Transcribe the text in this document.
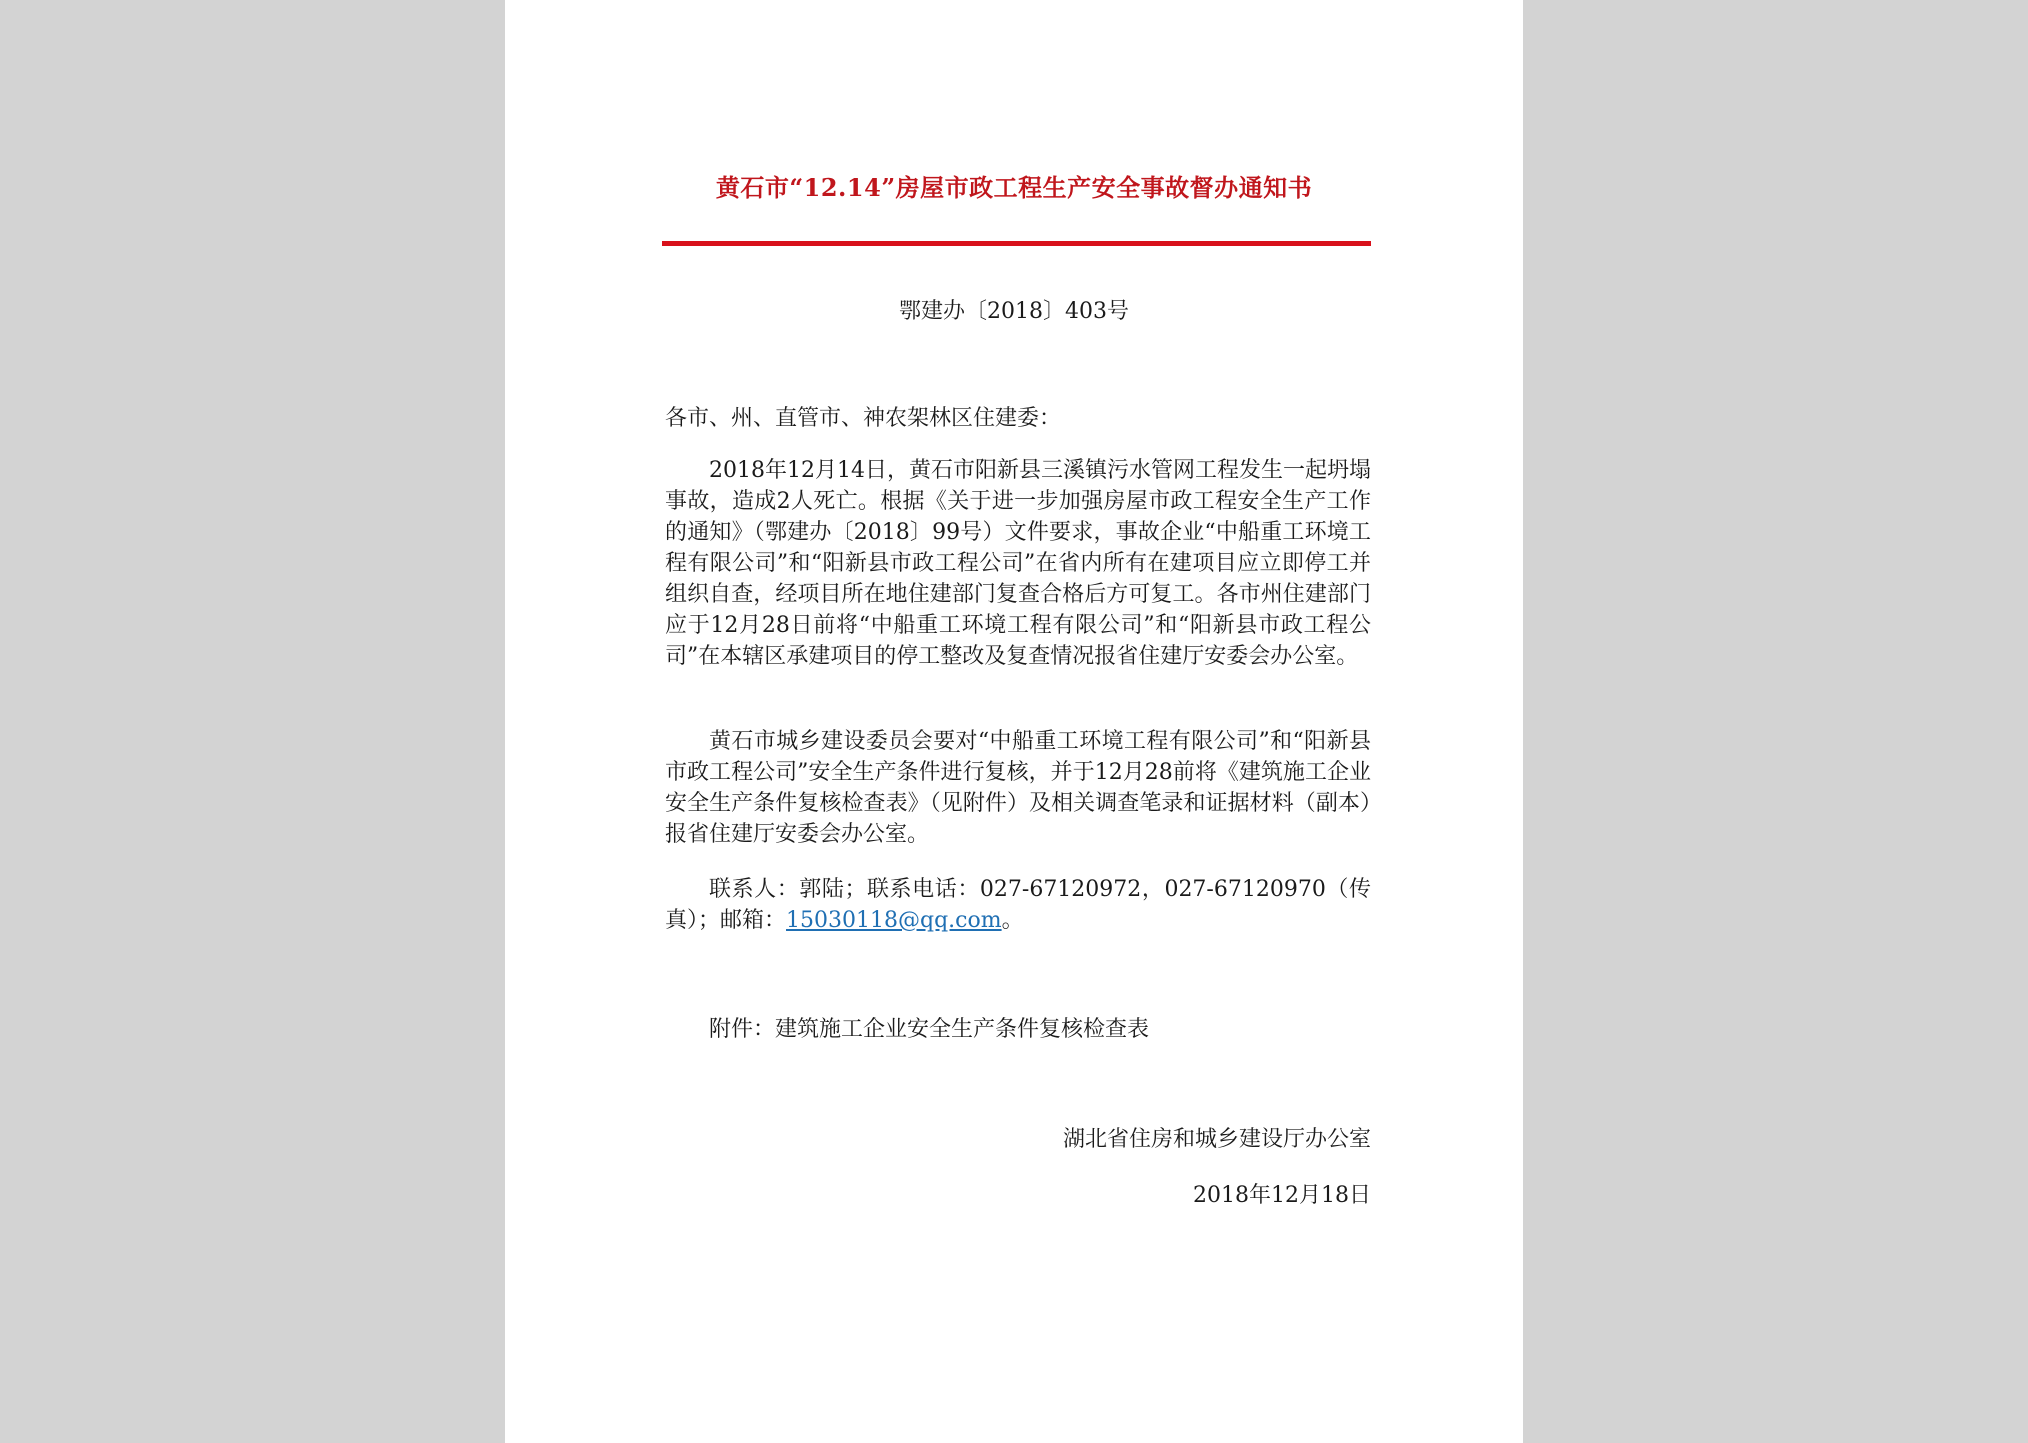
黄石市“12.14”房屋市政工程生产安全事故督办通知书
鄂建办〔2018〕403号
各市、州、直管市、神农架林区住建委：
2018年12月14日，黄石市阳新县三溪镇污水管网工程发生一起坍塌事故，造成2人死亡。根据《关于进一步加强房屋市政工程安全生产工作的通知》（鄂建办〔2018〕99号）文件要求，事故企业“中船重工环境工程有限公司”和“阳新县市政工程公司”在省内所有在建项目应立即停工并组织自查，经项目所在地住建部门复查合格后方可复工。各市州住建部门应于12月28日前将“中船重工环境工程有限公司”和“阳新县市政工程公司”在本辖区承建项目的停工整改及复查情况报省住建厅安委会办公室。
黄石市城乡建设委员会要对“中船重工环境工程有限公司”和“阳新县市政工程公司”安全生产条件进行复核，并于12月28前将《建筑施工企业安全生产条件复核检查表》（见附件）及相关调查笔录和证据材料（副本）报省住建厅安委会办公室。
联系人：郭陆；联系电话：027-67120972，027-67120970（传真）；邮箱：15030118@qq.com。
附件：建筑施工企业安全生产条件复核检查表
湖北省住房和城乡建设厅办公室
2018年12月18日
